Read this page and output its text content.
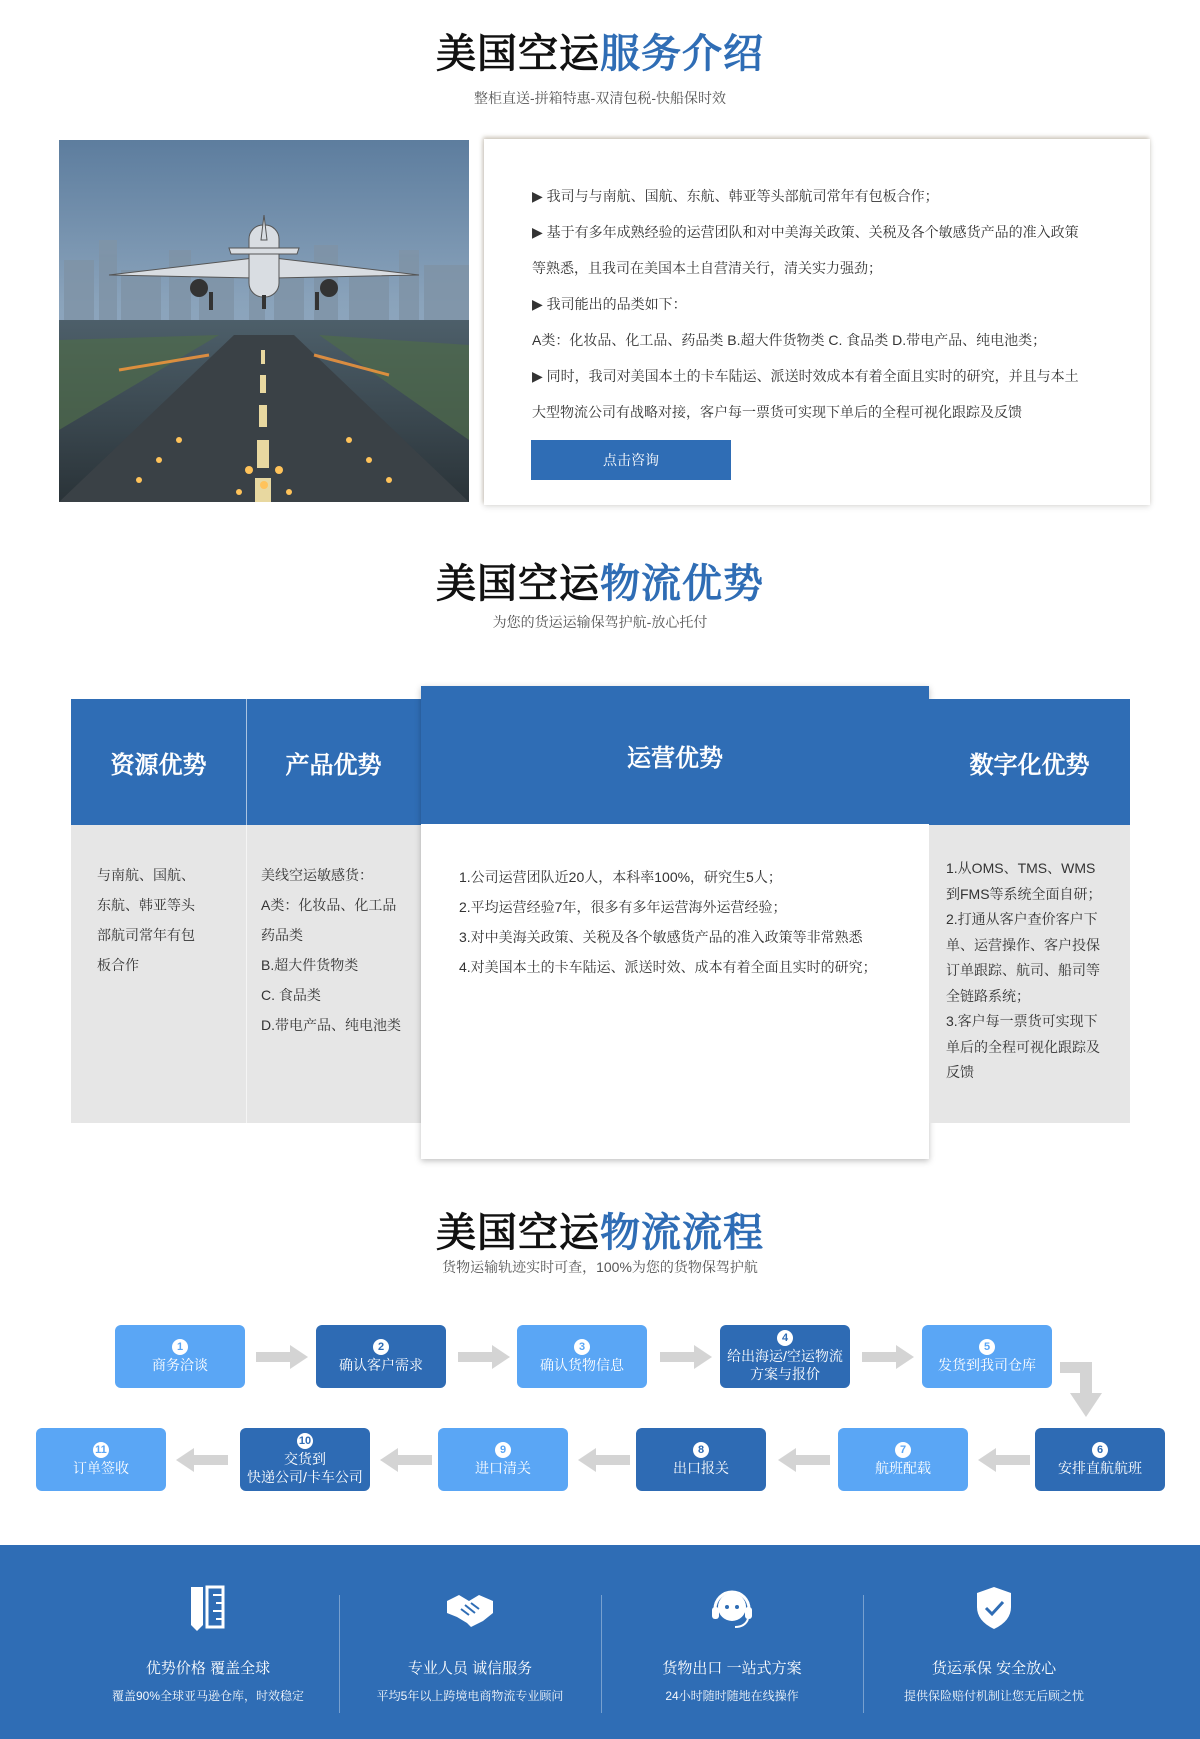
美国空运服务介绍
整柜直送-拼箱特惠-双清包税-快船保时效
▶ 我司与与南航、国航、东航、韩亚等头部航司常年有包板合作；
▶ 基于有多年成熟经验的运营团队和对中美海关政策、关税及各个敏感货产品的准入政策
等熟悉，且我司在美国本土自营清关行，清关实力强劲；
▶ 我司能出的品类如下：
A类：化妆品、化工品、药品类 B.超大件货物类 C. 食品类 D.带电产品、纯电池类；
▶ 同时，我司对美国本土的卡车陆运、派送时效成本有着全面且实时的研究，并且与本土
大型物流公司有战略对接，客户每一票货可实现下单后的全程可视化跟踪及反馈
点击咨询
美国空运物流优势
为您的货运运输保驾护航-放心托付
资源优势	产品优势
与南航、国航、
东航、韩亚等头
部航司常年有包
板合作
美线空运敏感货：
A类：化妆品、化工品
药品类
B.超大件货物类
C. 食品类
D.带电产品、纯电池类
运营优势
1.公司运营团队近20人，本科率100%，研究生5人；
2.平均运营经验7年，很多有多年运营海外运营经验；
3.对中美海关政策、关税及各个敏感货产品的准入政策等非常熟悉
4.对美国本土的卡车陆运、派送时效、成本有着全面且实时的研究；
数字化优势
1.从OMS、TMS、WMS
到FMS等系统全面自研；
2.打通从客户查价客户下
单、运营操作、客户投保
订单跟踪、航司、船司等
全链路系统；
3.客户每一票货可实现下
单后的全程可视化跟踪及
反馈
美国空运物流流程
货物运输轨迹实时可查，100%为您的货物保驾护航
1
商务洽谈
2
确认客户需求
3
确认货物信息
4
给出海运/空运物流
方案与报价
5
发货到我司仓库
6
安排直航航班
7
航班配载
8
出口报关
9
进口清关
10
交货到
快递公司/卡车公司
11
订单签收
优势价格 覆盖全球
覆盖90%全球亚马逊仓库，时效稳定
专业人员 诚信服务
平均5年以上跨境电商物流专业顾问
货物出口 一站式方案
24小时随时随地在线操作
货运承保 安全放心
提供保险赔付机制让您无后顾之忧
